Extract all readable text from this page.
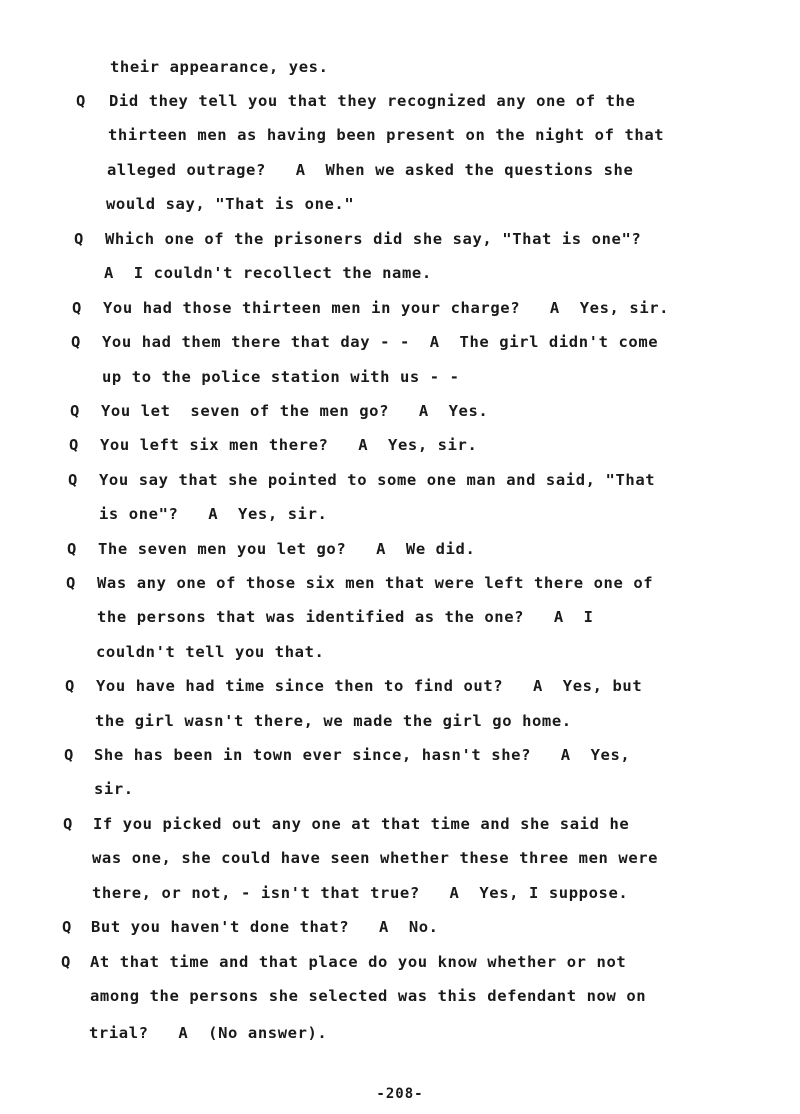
Q
Q
Q
Q
Q
Q
Q
Q
Q
Q
Q
Q
Q
Q
their appearance, yes.
Did they tell you that they recognized any one of the
thirteen men as having been present on the night of that
alleged outrage?   A  When we asked the questions she
would say, "That is one."
Which one of the prisoners did she say, "That is one"?
A  I couldn't recollect the name.
You had those thirteen men in your charge?   A  Yes, sir.
You had them there that day - -  A  The girl didn't come
up to the police station with us - -
You let  seven of the men go?   A  Yes.
You left six men there?   A  Yes, sir.
You say that she pointed to some one man and said, "That
is one"?   A  Yes, sir.
The seven men you let go?   A  We did.
Was any one of those six men that were left there one of
the persons that was identified as the one?   A  I
couldn't tell you that.
You have had time since then to find out?   A  Yes, but
the girl wasn't there, we made the girl go home.
She has been in town ever since, hasn't she?   A  Yes,
sir.
If you picked out any one at that time and she said he
was one, she could have seen whether these three men were
there, or not, - isn't that true?   A  Yes, I suppose.
But you haven't done that?   A  No.
At that time and that place do you know whether or not
among the persons she selected was this defendant now on
trial?   A  (No answer).
-208-
